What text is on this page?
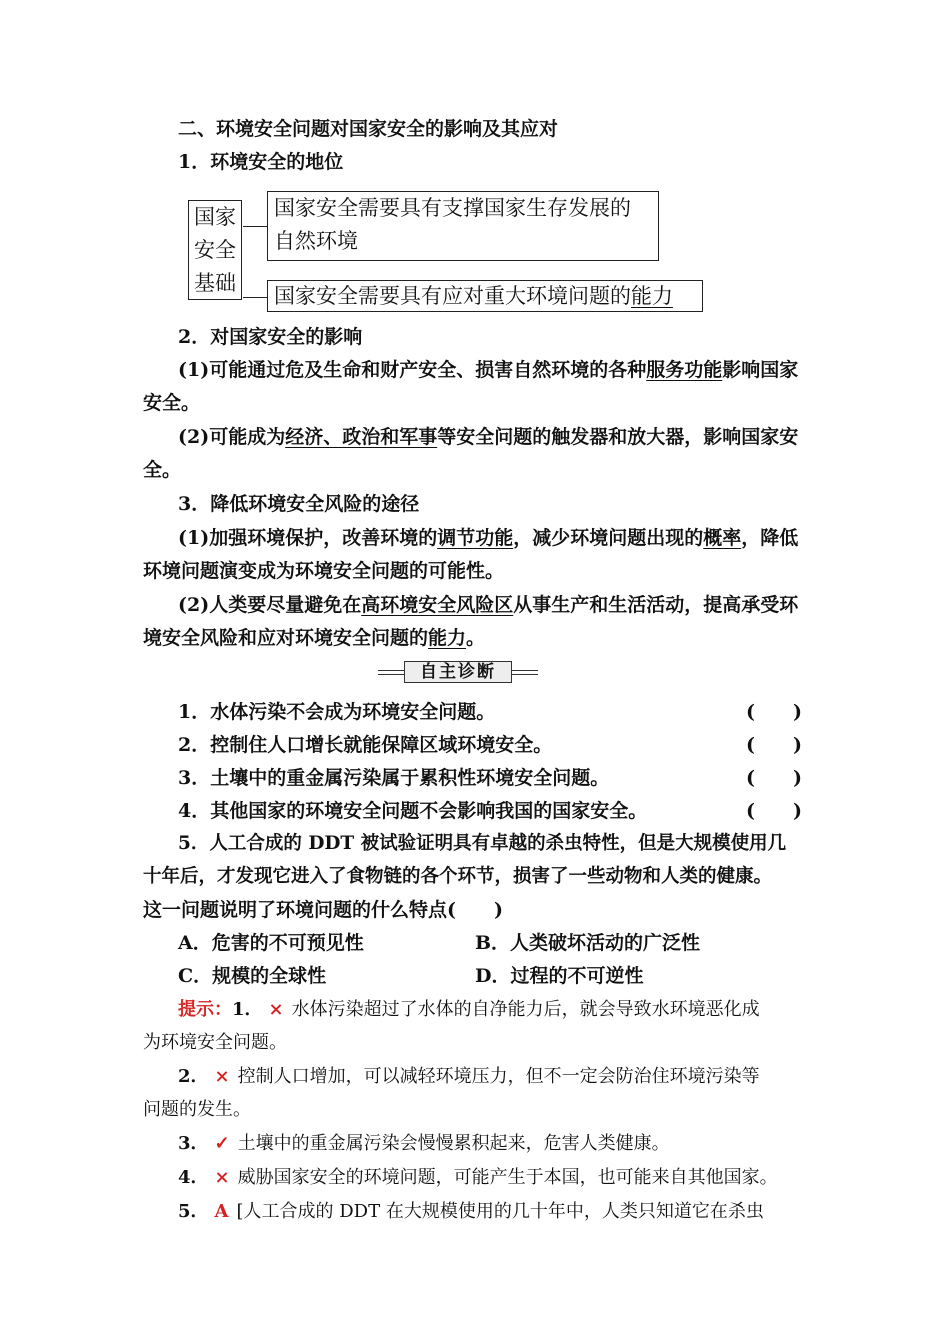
二、环境安全问题对国家安全的影响及其应对
1．环境安全的地位
国家
安全
基础
国家安全需要具有支撑国家生存发展的
自然环境
国家安全需要具有应对重大环境问题的能力
2．对国家安全的影响
(1)可能通过危及生命和财产安全、损害自然环境的各种服务功能影响国家
安全。
(2)可能成为经济、政治和军事等安全问题的触发器和放大器，影响国家安
全。
3．降低环境安全风险的途径
(1)加强环境保护，改善环境的调节功能，减少环境问题出现的概率，降低
环境问题演变成为环境安全问题的可能性。
(2)人类要尽量避免在高环境安全风险区从事生产和生活活动，提高承受环
境安全风险和应对环境安全问题的能力。
自主诊断
1．水体污染不会成为环境安全问题。	(　　)
2．控制住人口增长就能保障区域环境安全。	(　　)
3．土壤中的重金属污染属于累积性环境安全问题。	(　　)
4．其他国家的环境安全问题不会影响我国的国家安全。	(　　)
5．人工合成的 DDT 被试验证明具有卓越的杀虫特性，但是大规模使用几
十年后，才发现它进入了食物链的各个环节，损害了一些动物和人类的健康。
这一问题说明了环境问题的什么特点(　　)
A．危害的不可预见性	B．人类破坏活动的广泛性
C．规模的全球性	D．过程的不可逆性
提示：1． × 水体污染超过了水体的自净能力后，就会导致水环境恶化成
为环境安全问题。
2． × 控制人口增加，可以减轻环境压力，但不一定会防治住环境污染等
问题的发生。
3． ✓ 土壤中的重金属污染会慢慢累积起来，危害人类健康。
4． × 威胁国家安全的环境问题，可能产生于本国，也可能来自其他国家。
5． A [人工合成的 DDT 在大规模使用的几十年中，人类只知道它在杀虫
